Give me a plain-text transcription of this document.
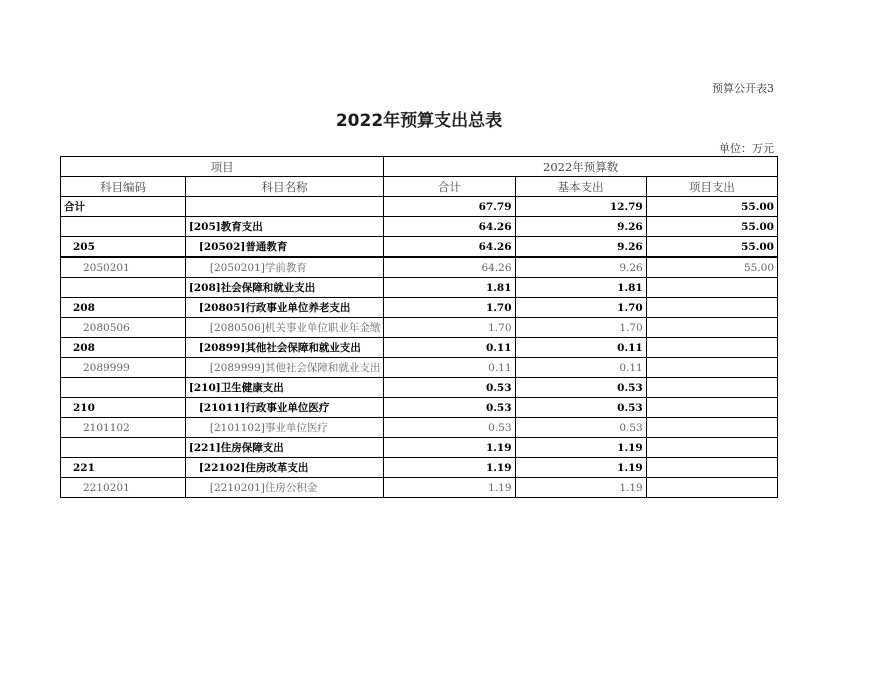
预算公开表3
2022年预算支出总表
单位：万元
项目		2022年预算数		
科目编码	科目名称	合计	基本支出	项目支出
合计		67.79	12.79	55.00
	[205]教育支出	64.26	9.26	55.00
205	[20502]普通教育	64.26	9.26	55.00
2050201	[2050201]学前教育	64.26	9.26	55.00
	[208]社会保障和就业支出	1.81	1.81	
208	[20805]行政事业单位养老支出	1.70	1.70	
2080506	[2080506]机关事业单位职业年金缴	1.70	1.70	
208	[20899]其他社会保障和就业支出	0.11	0.11	
2089999	[2089999]其他社会保障和就业支出	0.11	0.11	
	[210]卫生健康支出	0.53	0.53	
210	[21011]行政事业单位医疗	0.53	0.53	
2101102	[2101102]事业单位医疗	0.53	0.53	
	[221]住房保障支出	1.19	1.19	
221	[22102]住房改革支出	1.19	1.19	
2210201	[2210201]住房公积金	1.19	1.19	
